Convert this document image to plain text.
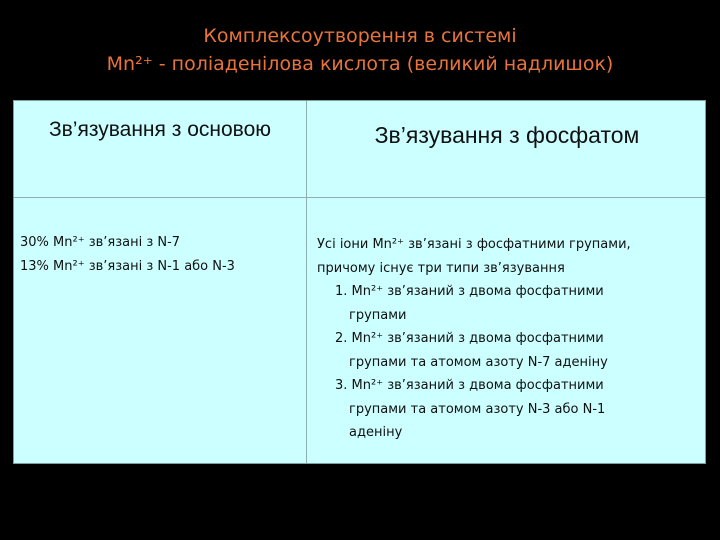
Комплексоутворення в системі
Mn²⁺ - поліаденілова кислота (великий надлишок)
Зв’язування з основою	Зв’язування з фосфатом
30% Mn²⁺ зв’язані з N-7
13% Mn²⁺ зв’язані з N-1 або N-3
Усі іони Mn²⁺ зв’язані з фосфатними групами,
причому існує три типи зв’язування
1. Mn²⁺ зв’язаний з двома фосфатними
групами
2. Mn²⁺ зв’язаний з двома фосфатними
групами та атомом азоту N-7 аденіну
3. Mn²⁺ зв’язаний з двома фосфатними
групами та атомом азоту N-3 або N-1
аденіну
